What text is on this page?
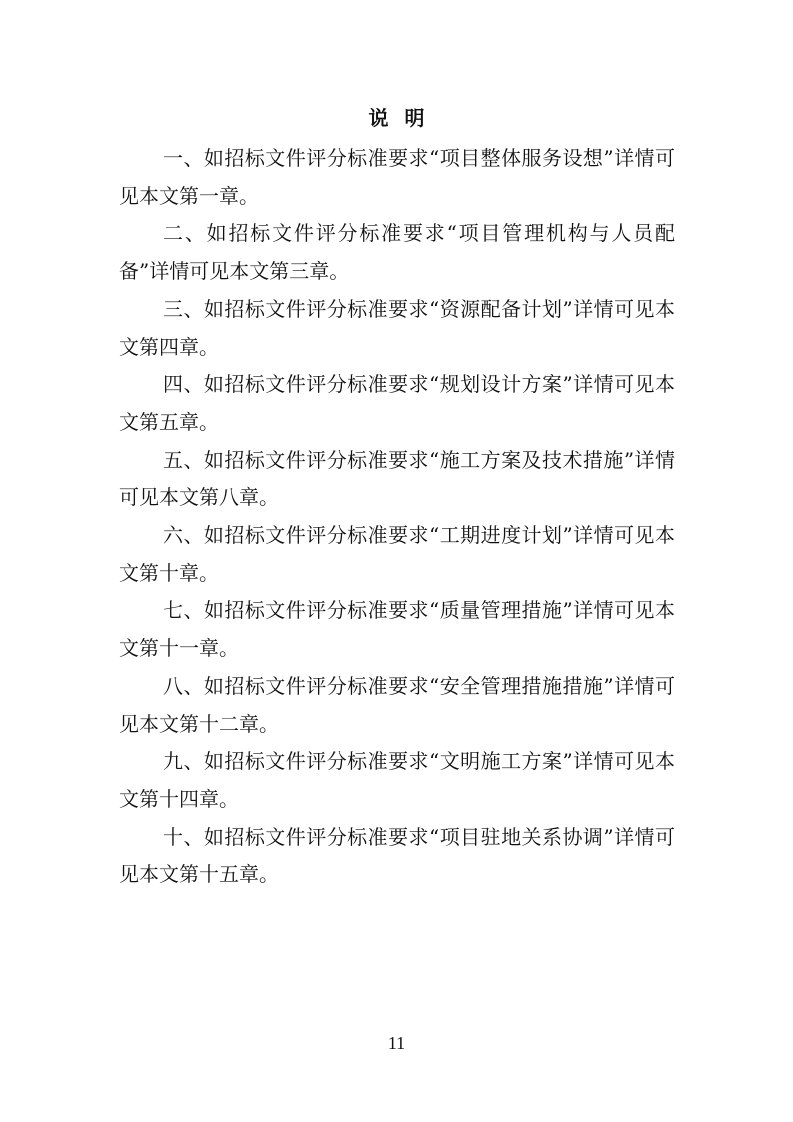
说明

一、如招标文件评分标准要求“项目整体服务设想”详情可见本文第一章。

二、如招标文件评分标准要求“项目管理机构与人员配备”详情可见本文第三章。

三、如招标文件评分标准要求“资源配备计划”详情可见本文第四章。

四、如招标文件评分标准要求“规划设计方案”详情可见本文第五章。

五、如招标文件评分标准要求“施工方案及技术措施”详情可见本文第八章。

六、如招标文件评分标准要求“工期进度计划”详情可见本文第十章。

七、如招标文件评分标准要求“质量管理措施”详情可见本文第十一章。

八、如招标文件评分标准要求“安全管理措施措施”详情可见本文第十二章。

九、如招标文件评分标准要求“文明施工方案”详情可见本文第十四章。

十、如招标文件评分标准要求“项目驻地关系协调”详情可见本文第十五章。

11
